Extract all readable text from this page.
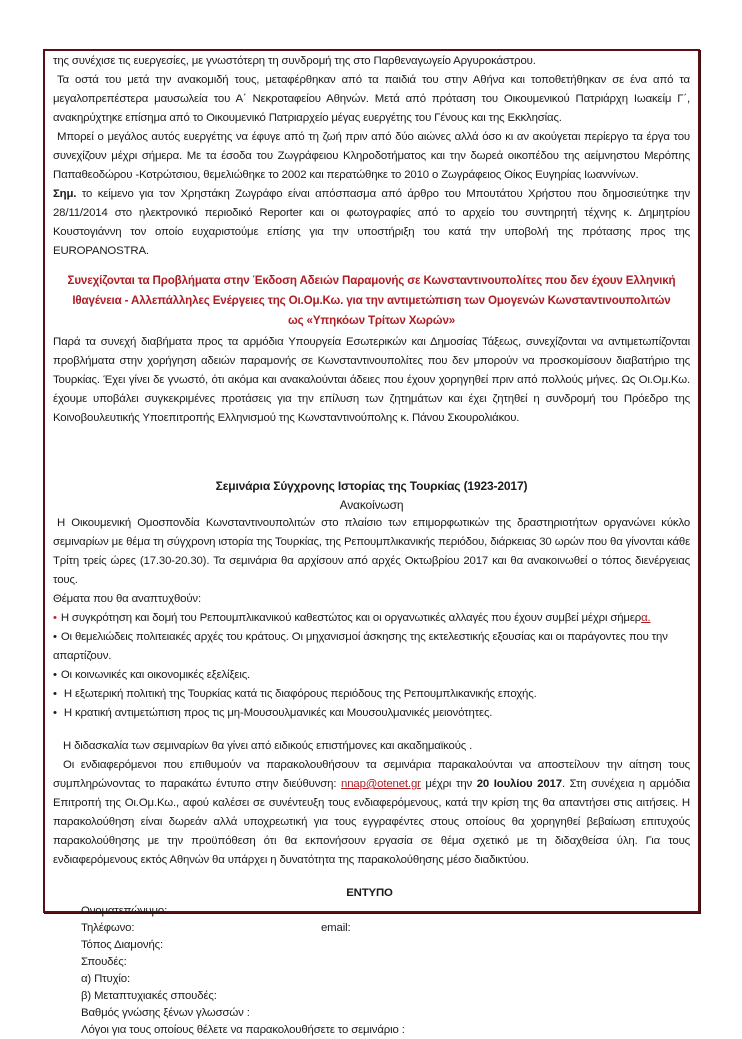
της συνέχισε τις ευεργεσίες, με γνωστότερη τη συνδρομή της στο Παρθεναγωγείο Αργυροκάστρου.

Τα οστά του μετά την ανακομιδή τους, μεταφέρθηκαν από τα παιδιά του στην Αθήνα και τοποθετήθηκαν σε ένα από τα μεγαλοπρεπέστερα μαυσωλεία του Α΄ Νεκροταφείου Αθηνών. Μετά από πρόταση του Οικουμενικού Πατριάρχη Ιωακείμ Γ΄, ανακηρύχτηκε επίσημα από το Οικουμενικό Πατριαρχείο μέγας ευεργέτης του Γένους και της Εκκλησίας.

Μπορεί ο μεγάλος αυτός ευεργέτης να έφυγε από τη ζωή πριν από δύο αιώνες αλλά όσο κι αν ακούγεται περίεργο τα έργα του συνεχίζουν μέχρι σήμερα. Με τα έσοδα του Ζωγράφειου Κληροδοτήματος και την δωρεά οικοπέδου της αείμνηστου Μερόπης Παπαθεοδώρου -Κοτρώτσιου, θεμελιώθηκε το 2002 και περατώθηκε το 2010 ο Ζωγράφειος Οίκος Ευγηρίας Ιωαννίνων.

Σημ. το κείμενο για τον Χρηστάκη Ζωγράφο είναι απόσπασμα από άρθρο του Μπουτάτου Χρήστου που δημοσιεύτηκε την 28/11/2014 στο ηλεκτρονικό περιοδικό Reporter και οι φωτογραφίες από το αρχείο του συντηρητή τέχνης κ. Δημητρίου Κουστογιάννη τον οποίο ευχαριστούμε επίσης για την υποστήριξη του κατά την υποβολή της πρότασης προς της EUROPANOSTRA.

Συνεχίζονται τα Προβλήματα στην Έκδοση Αδειών Παραμονής σε Κωνσταντινουπολίτες που δεν έχουν Ελληνική
Ιθαγένεια - Αλλεπάλληλες Ενέργειες της Οι.Ομ.Κω. για την αντιμετώπιση των Ομογενών Κωνσταντινουπολιτών
ως «Υπηκόων Τρίτων Χωρών»

Παρά τα συνεχή διαβήματα προς τα αρμόδια Υπουργεία Εσωτερικών και Δημοσίας Τάξεως, συνεχίζονται να αντιμετωπίζονται προβλήματα στην χορήγηση αδειών παραμονής σε Κωνσταντινουπολίτες που δεν μπορούν να προσκομίσουν διαβατήριο της Τουρκίας. Έχει γίνει δε γνωστό, ότι ακόμα και ανακαλούνται άδειες που έχουν χορηγηθεί πριν από πολλούς μήνες. Ως Οι.Ομ.Κω. έχουμε υποβάλει συγκεκριμένες προτάσεις για την επίλυση των ζητημάτων και έχει ζητηθεί η συνδρομή του Πρόεδρο της Κοινοβουλευτικής Υποεπιτροπής Ελληνισμού της Κωνσταντινούπολης κ. Πάνου Σκουρολιάκου.

Σεμινάρια Σύγχρονης Ιστορίας της Τουρκίας (1923-2017)
Ανακοίνωση

Η Οικουμενική Ομοσπονδία Κωνσταντινουπολιτών στο πλαίσιο των επιμορφωτικών της δραστηριοτήτων οργανώνει κύκλο σεμιναρίων με θέμα τη σύγχρονη ιστορία της Τουρκίας, της Ρεπουμπλικανικής περιόδου, διάρκειας 30 ωρών που θα γίνονται κάθε Τρίτη τρείς ώρες (17.30-20.30). Τα σεμινάρια θα αρχίσουν από αρχές Οκτωβρίου 2017 και θα ανακοινωθεί ο τόπος διενέργειας τους.

Θέματα που θα αναπτυχθούν:

• Η συγκρότηση και δομή του Ρεπουμπλικανικού καθεστώτος και οι οργανωτικές αλλαγές που έχουν συμβεί μέχρι σήμερα.
• Οι θεμελιώδεις πολιτειακές αρχές του κράτους. Οι μηχανισμοί άσκησης της εκτελεστικής εξουσίας και οι παράγοντες που την απαρτίζουν.
• Οι κοινωνικές και οικονομικές εξελίξεις.
• Η εξωτερική πολιτική της Τουρκίας κατά τις διαφόρους περιόδους της Ρεπουμπλικανικής εποχής.
• Η κρατική αντιμετώπιση προς τις μη-Μουσουλμανικές και Μουσουλμανικές μειονότητες.

Η διδασκαλία των σεμιναρίων θα γίνει από ειδικούς επιστήμονες και ακαδημαϊκούς .

Οι ενδιαφερόμενοι που επιθυμούν να παρακολουθήσουν τα σεμινάρια παρακαλούνται να αποστείλουν την αίτηση τους συμπληρώνοντας το παρακάτω έντυπο στην διεύθυνση: nnap@otenet.gr μέχρι την 20 Ιουλίου 2017. Στη συνέχεια η αρμόδια Επιτροπή της Οι.Ομ.Κω., αφού καλέσει σε συνέντευξη τους ενδιαφερόμενους, κατά την κρίση της θα απαντήσει στις αιτήσεις. Η παρακολούθηση είναι δωρεάν αλλά υποχρεωτική για τους εγγραφέντες στους οποίους θα χορηγηθεί βεβαίωση επιτυχούς παρακολούθησης με την προϋπόθεση ότι θα εκπονήσουν εργασία σε θέμα σχετικό με τη διδαχθείσα ύλη. Για τους ενδιαφερόμενους εκτός Αθηνών θα υπάρχει η δυνατότητα της παρακολούθησης μέσο διαδικτύου.

ΕΝΤΥΠΟ
Ονοματεπώνυμο:
Τηλέφωνο:	email:
Τόπος Διαμονής:
Σπουδές:
α) Πτυχίο:
β) Μεταπτυχιακές σπουδές:
Βαθμός γνώσης ξένων γλωσσών :
Λόγοι για τους οποίους θέλετε να παρακολουθήσετε το σεμινάριο :
